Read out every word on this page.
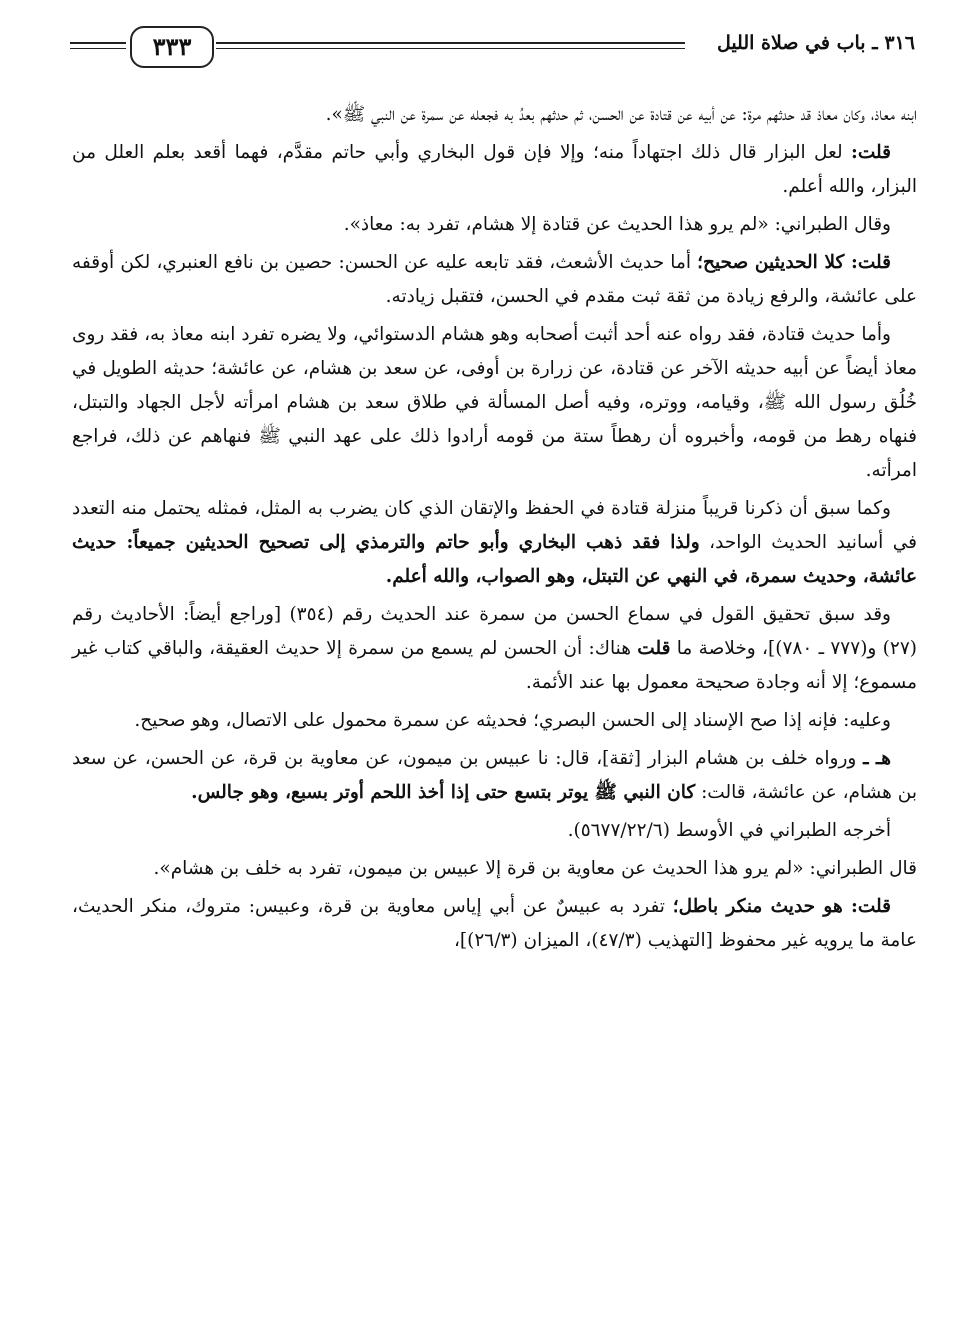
٣٣٣	٣١٦ ـ باب في صلاة الليل

ابنه معاذ، وكان معاذ قد حدثهم مرة: عن أبيه عن قتادة عن الحسن، ثم حدثهم بعدُ به فجعله عن سمرة عن النبي ﷺ».

قلت: لعل البزار قال ذلك اجتهاداً منه؛ وإلا فإن قول البخاري وأبي حاتم مقدَّم، فهما أقعد بعلم العلل من البزار، والله أعلم.

وقال الطبراني: «لم يرو هذا الحديث عن قتادة إلا هشام، تفرد به: معاذ».

قلت: كلا الحديثين صحيح؛ أما حديث الأشعث، فقد تابعه عليه عن الحسن: حصين بن نافع العنبري، لكن أوقفه على عائشة، والرفع زيادة من ثقة ثبت مقدم في الحسن، فتقبل زيادته.

وأما حديث قتادة، فقد رواه عنه أحد أثبت أصحابه وهو هشام الدستوائي، ولا يضره تفرد ابنه معاذ به، فقد روى معاذ أيضاً عن أبيه حديثه الآخر عن قتادة، عن زرارة بن أوفى، عن سعد بن هشام، عن عائشة؛ حديثه الطويل في خُلُق رسول الله ﷺ، وقيامه، ووتره، وفيه أصل المسألة في طلاق سعد بن هشام امرأته لأجل الجهاد والتبتل، فنهاه رهط من قومه، وأخبروه أن رهطاً ستة من قومه أرادوا ذلك على عهد النبي ﷺ فنهاهم عن ذلك، فراجع امرأته.

وكما سبق أن ذكرنا قريباً منزلة قتادة في الحفظ والإتقان الذي كان يضرب به المثل، فمثله يحتمل منه التعدد في أسانيد الحديث الواحد، ولذا فقد ذهب البخاري وأبو حاتم والترمذي إلى تصحيح الحديثين جميعاً: حديث عائشة، وحديث سمرة، في النهي عن التبتل، وهو الصواب، والله أعلم.

وقد سبق تحقيق القول في سماع الحسن من سمرة عند الحديث رقم (٣٥٤) [وراجع أيضاً: الأحاديث رقم (٢٧) و(٧٧٧ ـ ٧٨٠)]، وخلاصة ما قلت هناك: أن الحسن لم يسمع من سمرة إلا حديث العقيقة، والباقي كتاب غير مسموع؛ إلا أنه وجادة صحيحة معمول بها عند الأئمة.

وعليه: فإنه إذا صح الإسناد إلى الحسن البصري؛ فحديثه عن سمرة محمول على الاتصال، وهو صحيح.

هـ ـ ورواه خلف بن هشام البزار [ثقة]، قال: نا عبيس بن ميمون، عن معاوية بن قرة، عن الحسن، عن سعد بن هشام، عن عائشة، قالت: كان النبي ﷺ يوتر بتسع حتى إذا أخذ اللحم أوتر بسبع، وهو جالس.

أخرجه الطبراني في الأوسط (٥٦٧٧/٢٢/٦).

قال الطبراني: «لم يرو هذا الحديث عن معاوية بن قرة إلا عبيس بن ميمون، تفرد به خلف بن هشام».

قلت: هو حديث منكر باطل؛ تفرد به عبيسٌ عن أبي إياس معاوية بن قرة، وعبيس: متروك، منكر الحديث، عامة ما يرويه غير محفوظ [التهذيب (٤٧/٣)، الميزان (٢٦/٣)]،
